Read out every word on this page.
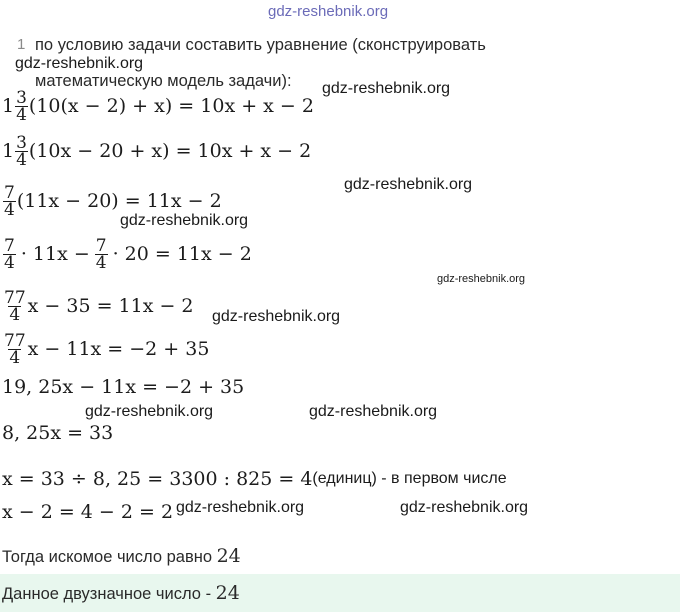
gdz-reshebnik.org
1 по условию задачи составить уравнение (сконструировать
математическую модель задачи):
gdz-reshebnik.org
gdz-reshebnik.org
$1 \frac{3}{4} (10(x - 2) + x) = 10x + x - 2$
$1 \frac{3}{4} (10x - 20 + x) = 10x + x - 2$
gdz-reshebnik.org
$\frac{7}{4} (11x - 20) = 11x - 2$
gdz-reshebnik.org
$\frac{7}{4} \cdot 11x - \frac{7}{4} \cdot 20 = 11x - 2$
gdz-reshebnik.org
$\frac{77}{4}$ x − 35 = 11x − 2 gdz-reshebnik.org
$\frac{77}{4}$ x − 11x = −2 + 35
19, 25x − 11x = −2 + 35
gdz-reshebnik.org	gdz-reshebnik.org
8, 25x = 33
x = 33 ÷ 8, 25 = 3300 : 825 = 4 (единиц) - в первом числе
x − 2 = 4 − 2 = 2 gdz-reshebnik.org	gdz-reshebnik.org
Тогда искомое число равно 24
Данное двузначное число - 24
